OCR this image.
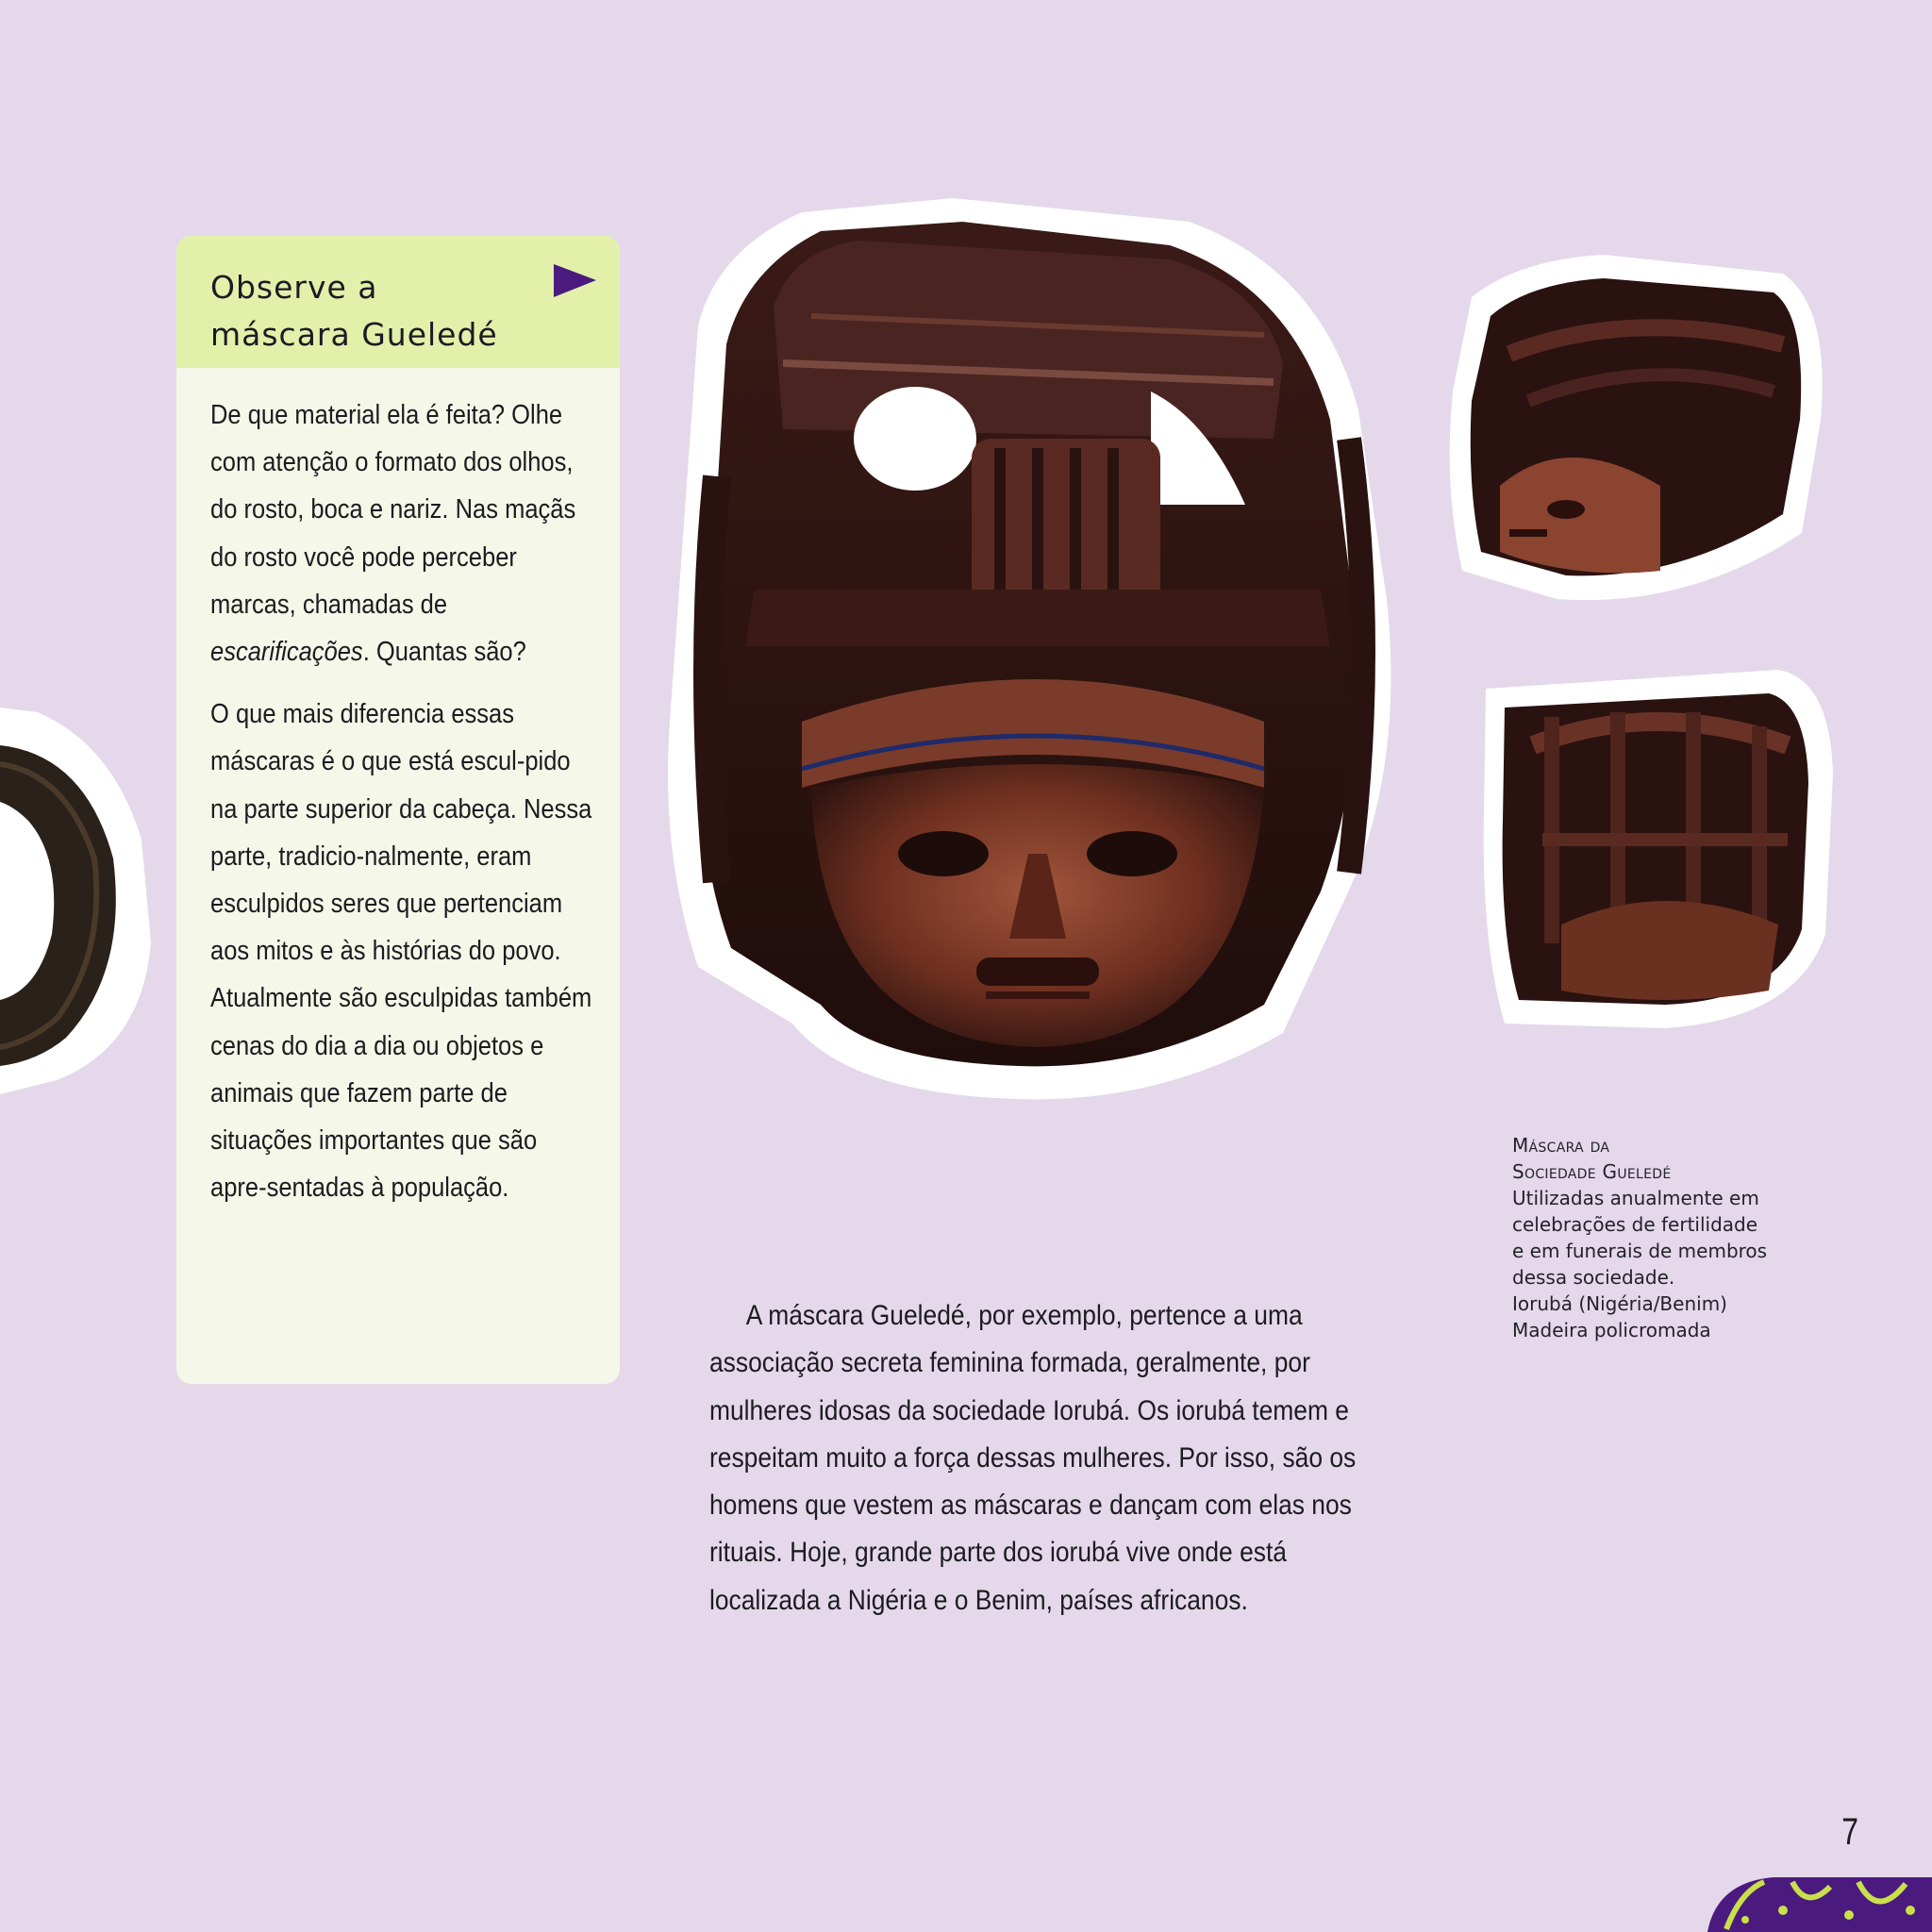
Observe a
máscara Gueledé

De que material ela é feita? Olhe com atenção o formato dos olhos, do rosto, boca e nariz. Nas maçãs do rosto você pode perceber marcas, chamadas de escarificações. Quantas são?

O que mais diferencia essas máscaras é o que está escul-pido na parte superior da cabeça. Nessa parte, tradicio-nalmente, eram esculpidos seres que pertenciam aos mitos e às histórias do povo. Atualmente são esculpidas também cenas do dia a dia ou objetos e animais que fazem parte de situações importantes que são apre-sentadas à população.

Máscara da
Sociedade Gueledé
Utilizadas anualmente em
celebrações de fertilidade
e em funerais de membros
dessa sociedade.
Iorubá (Nigéria/Benim)
Madeira policromada

A máscara Gueledé, por exemplo, pertence a uma associação secreta feminina formada, geralmente, por mulheres idosas da sociedade Iorubá. Os iorubá temem e respeitam muito a força dessas mulheres. Por isso, são os homens que vestem as máscaras e dançam com elas nos rituais. Hoje, grande parte dos iorubá vive onde está localizada a Nigéria e o Benim, países africanos.

7
